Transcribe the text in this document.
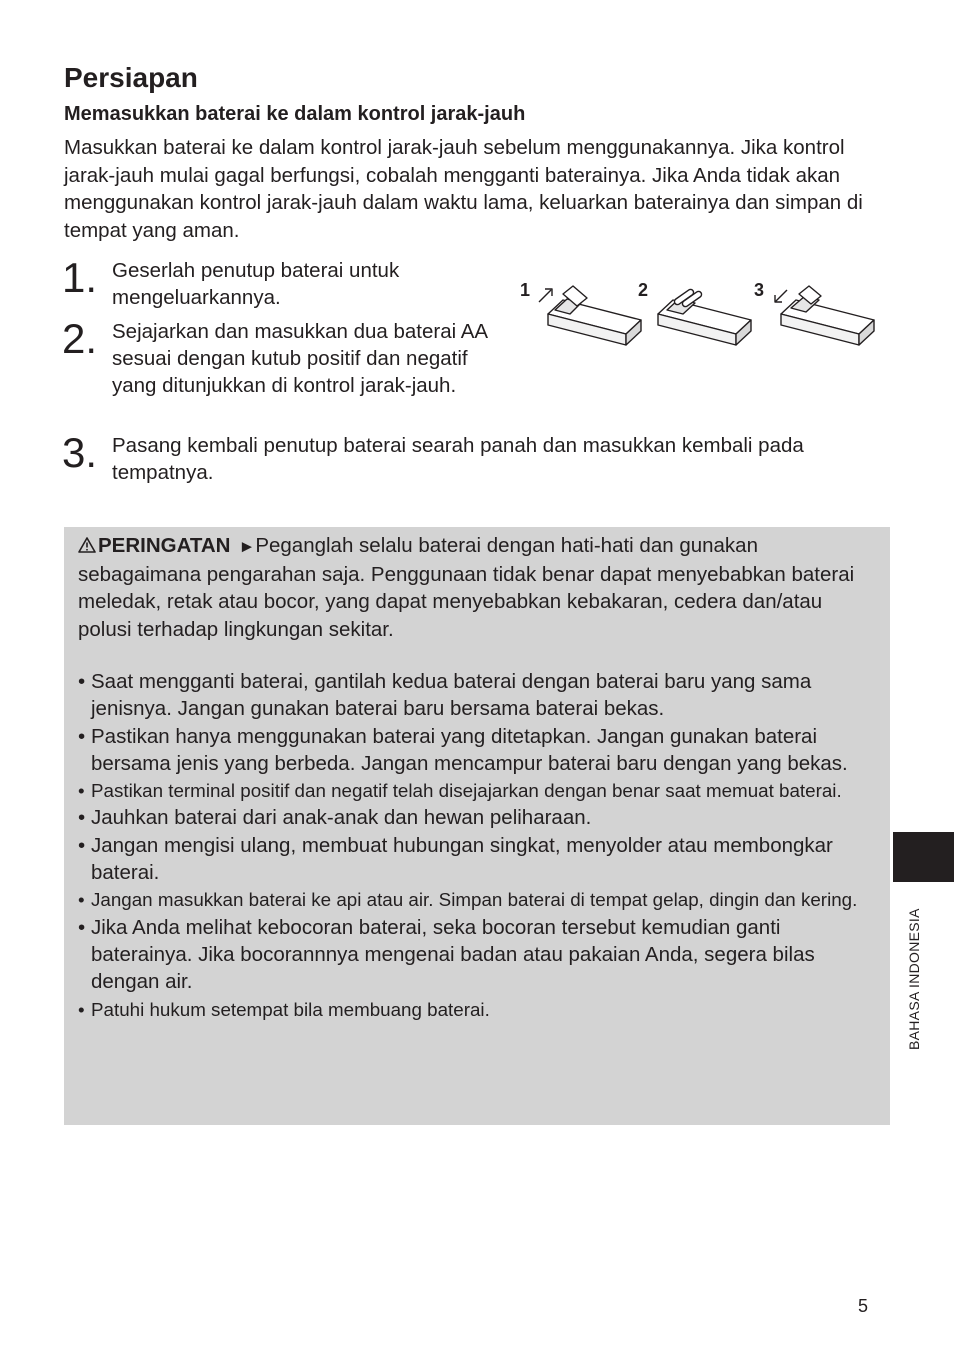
Persiapan
Memasukkan baterai ke dalam kontrol jarak-jauh

Masukkan baterai ke dalam kontrol jarak-jauh sebelum menggunakannya. Jika kontrol jarak-jauh mulai gagal berfungsi, cobalah mengganti baterainya. Jika Anda tidak akan menggunakan kontrol jarak-jauh dalam waktu lama, keluarkan baterainya dan simpan di tempat yang aman.

1. Geserlah penutup baterai untuk mengeluarkannya.

2. Sejajarkan dan masukkan dua baterai AA sesuai dengan kutub positif dan negatif yang ditunjukkan di kontrol jarak-jauh.

3. Pasang kembali penutup baterai searah panah dan masukkan kembali pada tempatnya.

1	2	3

PERINGATAN ►Peganglah selalu baterai dengan hati-hati dan gunakan sebagaimana pengarahan saja. Penggunaan tidak benar dapat menyebabkan baterai meledak, retak atau bocor, yang dapat menyebabkan kebakaran, cedera dan/atau polusi terhadap lingkungan sekitar.

• Saat mengganti baterai, gantilah kedua baterai dengan baterai baru yang sama jenisnya. Jangan gunakan baterai baru bersama baterai bekas.
• Pastikan hanya menggunakan baterai yang ditetapkan. Jangan gunakan baterai bersama jenis yang berbeda. Jangan mencampur baterai baru dengan yang bekas.
• Pastikan terminal positif dan negatif telah disejajarkan dengan benar saat memuat baterai.
• Jauhkan baterai dari anak-anak dan hewan peliharaan.
• Jangan mengisi ulang, membuat hubungan singkat, menyolder atau membongkar baterai.
• Jangan masukkan baterai ke api atau air. Simpan baterai di tempat gelap, dingin dan kering.
• Jika Anda melihat kebocoran baterai, seka bocoran tersebut kemudian ganti baterainya. Jika bocorannnya mengenai badan atau pakaian Anda, segera bilas dengan air.
• Patuhi hukum setempat bila membuang baterai.	BAHASA INDONESIA
5
